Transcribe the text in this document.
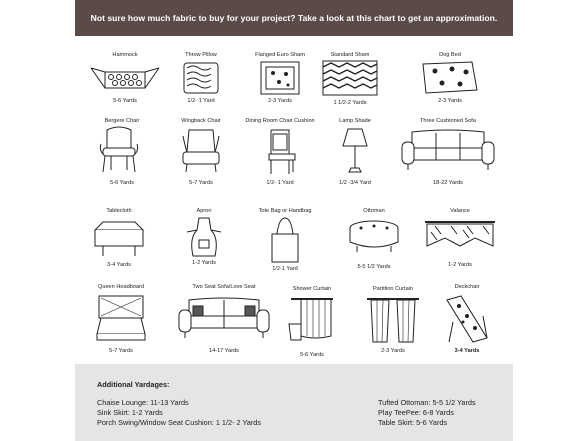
Not sure how much fabric to buy for your project? Take a look at this chart to get an approximation.
Hammock
5-6 Yards
Throw Pillow
1/2- 1 Yard
Flanged Euro Sham
2-3 Yards
Standard Sham
1 1/2-2 Yards
Dog Bed
2-3 Yards
Bergere Chair
5-6 Yards
Wingback Chair
5-7 Yards
Dining Room Chair Cushion
1/2- 1 Yard
Lamp Shade
1/2 -3/4 Yard
Three Cushioned Sofa
18-22 Yards
Tablecloth
3-4 Yards
Apron
1-2 Yards
Tote Bag or Handbag
1/2-1 Yard
Ottoman
5-5 1/2 Yards
Valance
1-2 Yards
Queen Headboard
5-7 Yards
Two Seat Sofa/Love Seat
14-17 Yards
Shower Curtain
5-6 Yards
Partition Curtain
2-3 Yards
Deckchair
3-4 Yards
Additional Yardages:
Chaise Lounge: 11-13 Yards
Sink Skirt: 1-2 Yards
Porch Swing/Window Seat Cushion: 1 1/2- 2 Yards
Tufted Ottoman: 5-5 1/2 Yards
Play TeePee: 6-8 Yards
Table Skirt: 5-6 Yards
